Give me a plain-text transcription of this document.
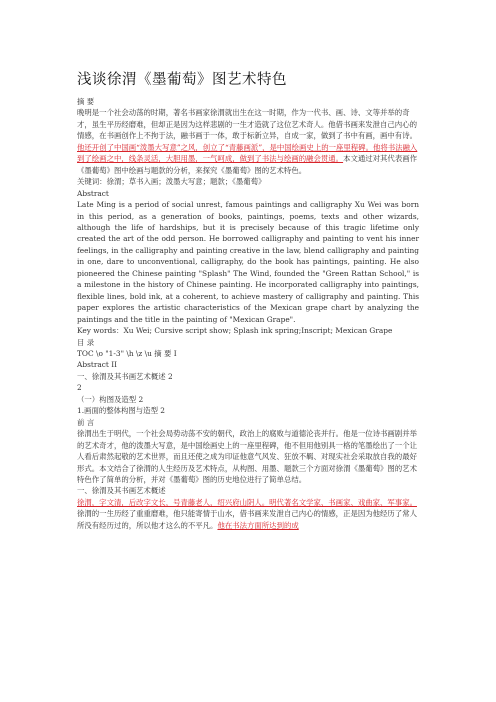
浅谈徐渭《墨葡萄》图艺术特色

摘 要

晚明是一个社会动荡的时期，著名书画家徐渭就出生在这一时期，作为一代书、画、诗、文等并举的奇才，虽生平历经磨难，但却正是因为这样悲剧的一生才造就了这位艺术奇人。他借书画来发泄自己内心的情感，在书画创作上不拘于法，融书画于一体，敢于标新立异，自成一家，做到了书中有画，画中有诗。他还开创了中国画“泼墨大写意”之风，创立了“青藤画派”，是中国绘画史上的一座里程碑。他将书法融入到了绘画之中，线条灵活，大胆用墨，一气呵成，做到了书法与绘画的融会贯通。本文通过对其代表画作《墨葡萄》图中绘画与题款的分析，来探究《墨葡萄》图的艺术特色。

关键词：徐渭；草书入画；泼墨大写意；题款；《墨葡萄》

Abstract

Late Ming is a period of social unrest, famous paintings and calligraphy Xu Wei was born in this period, as a generation of books, paintings, poems, texts and other wizards, although the life of hardships, but it is precisely because of this tragic lifetime only created the art of the odd person. He borrowed calligraphy and painting to vent his inner feelings, in the calligraphy and painting creative in the law, blend calligraphy and painting in one, dare to unconventional, calligraphy, do the book has paintings, painting. He also pioneered the Chinese painting "Splash" The Wind, founded the "Green Rattan School," is a milestone in the history of Chinese painting. He incorporated calligraphy into paintings, flexible lines, bold ink, at a coherent, to achieve mastery of calligraphy and painting. This paper explores the artistic characteristics of the Mexican grape chart by analyzing the paintings and the title in the painting of "Mexican Grape".

Key words：Xu Wei; Cursive script show; Splash ink spring;Inscript; Mexican Grape

目 录

TOC \o "1-3" \h \z \u 摘 要 I

Abstract II

一、徐渭及其书画艺术概述 2

2

（一）构图及造型 2

1.画面的整体构图与造型 2

前 言

徐渭出生于明代，一个社会局势动荡不安的朝代，政治上的腐败与道德沦丧并行。他是一位诗书画剧并举的艺术奇才，他的泼墨大写意，是中国绘画史上的一座里程碑，他不但用他别具一格的笔墨绘出了一个让人看后肃然起敬的艺术世界，而且还使之成为印证他意气风发、狂放不羁、对现实社会采取放自我的最好形式。本文结合了徐渭的人生经历及艺术特点，从构图、用墨、题款三个方面对徐渭《墨葡萄》图的艺术特色作了简单的分析，并对《墨葡萄》图的历史地位进行了简单总结。

一、徐渭及其书画艺术概述

徐渭，字文清，后改字文长，号青藤老人，绍兴府山阴人。明代著名文学家、书画家、戏曲家、军事家。徐渭的一生历经了重重磨难，他只能寄情于山水，借书画来发泄自己内心的情感，正是因为他经历了常人所没有经历过的，所以他才这么的不平凡。他在书法方面所达到的成
